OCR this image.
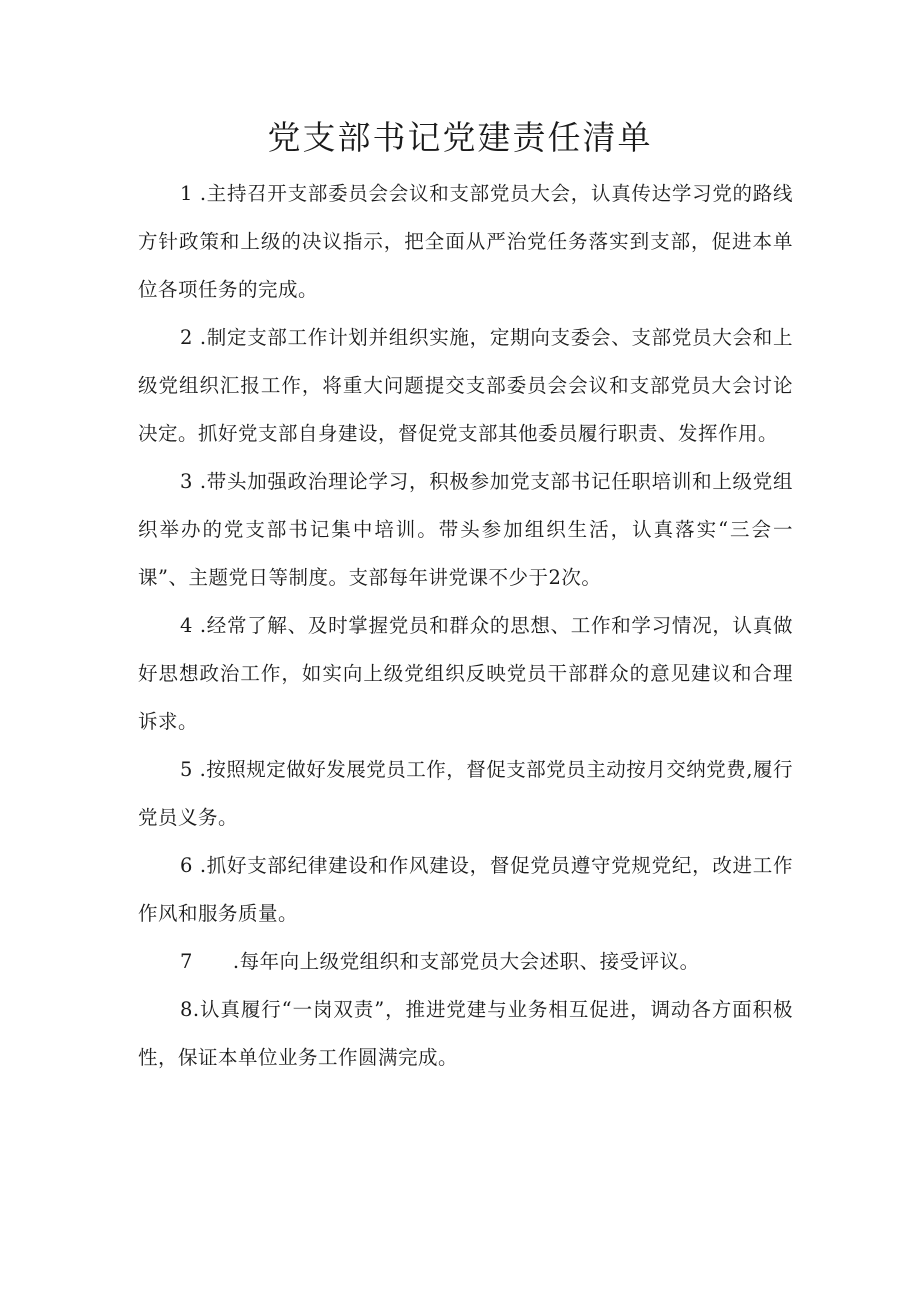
党支部书记党建责任清单

1 .主持召开支部委员会会议和支部党员大会，认真传达学习党的路线方针政策和上级的决议指示，把全面从严治党任务落实到支部，促进本单位各项任务的完成。

2 .制定支部工作计划并组织实施，定期向支委会、支部党员大会和上级党组织汇报工作，将重大问题提交支部委员会会议和支部党员大会讨论决定。抓好党支部自身建设，督促党支部其他委员履行职责、发挥作用。

3 .带头加强政治理论学习，积极参加党支部书记任职培训和上级党组织举办的党支部书记集中培训。带头参加组织生活，认真落实“三会一课”、主题党日等制度。支部每年讲党课不少于2次。

4 .经常了解、及时掌握党员和群众的思想、工作和学习情况，认真做好思想政治工作，如实向上级党组织反映党员干部群众的意见建议和合理诉求。

5 .按照规定做好发展党员工作，督促支部党员主动按月交纳党费,履行党员义务。

6 .抓好支部纪律建设和作风建设，督促党员遵守党规党纪，改进工作作风和服务质量。

7  .每年向上级党组织和支部党员大会述职、接受评议。

8.认真履行“一岗双责”，推进党建与业务相互促进，调动各方面积极性，保证本单位业务工作圆满完成。
